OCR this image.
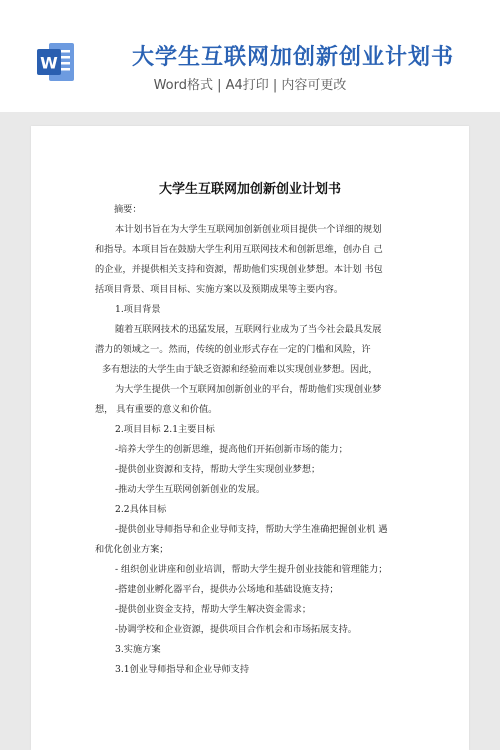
W	大学生互联网加创新创业计划书
Word格式 | A4打印 | 内容可更改
大学生互联网加创新创业计划书

摘要：

本计划书旨在为大学生互联网加创新创业项目提供一个详细的规划

和指导。本项目旨在鼓励大学生利用互联网技术和创新思维，创办自 己

的企业，并提供相关支持和资源，帮助他们实现创业梦想。本计划 书包

括项目背景、项目目标、实施方案以及预期成果等主要内容。

1.项目背景

随着互联网技术的迅猛发展，互联网行业成为了当今社会最具发展

潜力的领域之一。然而，传统的创业形式存在一定的门槛和风险，许

多有想法的大学生由于缺乏资源和经验而难以实现创业梦想。因此，

为大学生提供一个互联网加创新创业的平台，帮助他们实现创业梦

想， 具有重要的意义和价值。

2.项目目标 2.1主要目标

-培养大学生的创新思维，提高他们开拓创新市场的能力；

-提供创业资源和支持，帮助大学生实现创业梦想；

-推动大学生互联网创新创业的发展。

2.2具体目标

-提供创业导师指导和企业导师支持，帮助大学生准确把握创业机 遇

和优化创业方案；

- 组织创业讲座和创业培训，帮助大学生提升创业技能和管理能力；

-搭建创业孵化器平台，提供办公场地和基础设施支持；

-提供创业资金支持，帮助大学生解决资金需求；

-协调学校和企业资源，提供项目合作机会和市场拓展支持。

3.实施方案

3.1创业导师指导和企业导师支持
